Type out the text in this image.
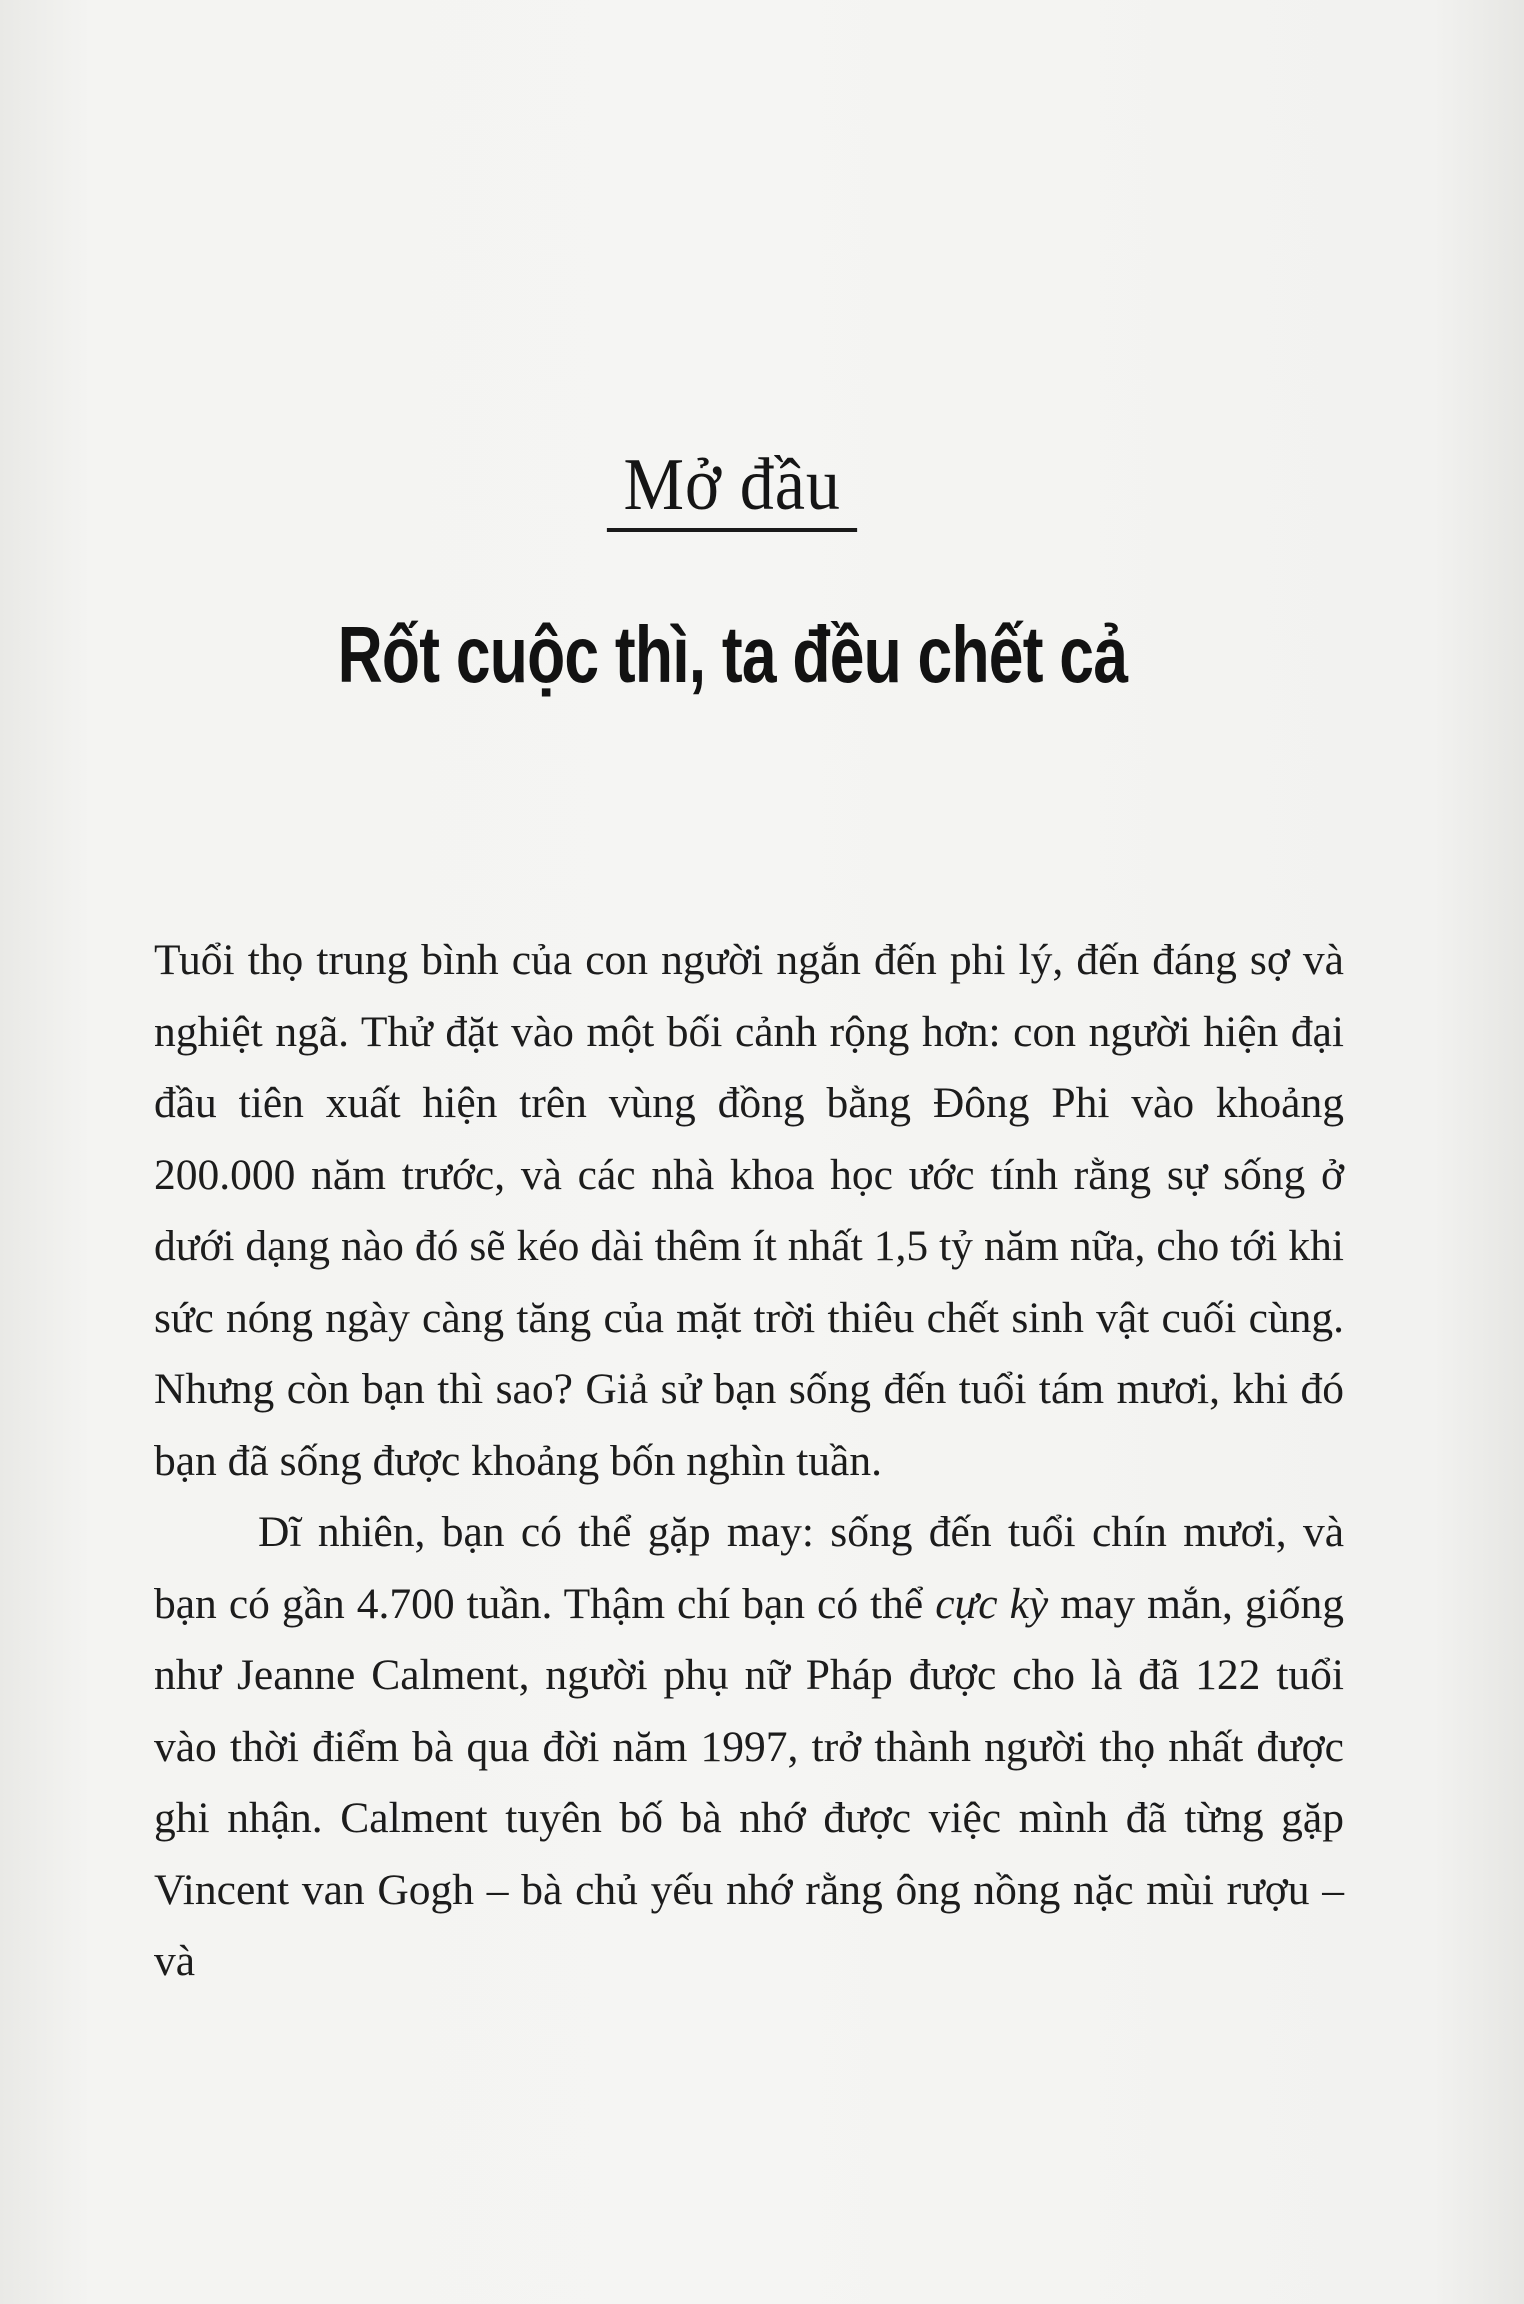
Mở đầu
Rốt cuộc thì, ta đều chết cả

Tuổi thọ trung bình của con người ngắn đến phi lý, đến đáng sợ và nghiệt ngã. Thử đặt vào một bối cảnh rộng hơn: con người hiện đại đầu tiên xuất hiện trên vùng đồng bằng Đông Phi vào khoảng 200.000 năm trước, và các nhà khoa học ước tính rằng sự sống ở dưới dạng nào đó sẽ kéo dài thêm ít nhất 1,5 tỷ năm nữa, cho tới khi sức nóng ngày càng tăng của mặt trời thiêu chết sinh vật cuối cùng. Nhưng còn bạn thì sao? Giả sử bạn sống đến tuổi tám mươi, khi đó bạn đã sống được khoảng bốn nghìn tuần.

Dĩ nhiên, bạn có thể gặp may: sống đến tuổi chín mươi, và bạn có gần 4.700 tuần. Thậm chí bạn có thể cực kỳ may mắn, giống như Jeanne Calment, người phụ nữ Pháp được cho là đã 122 tuổi vào thời điểm bà qua đời năm 1997, trở thành người thọ nhất được ghi nhận. Calment tuyên bố bà nhớ được việc mình đã từng gặp Vincent van Gogh – bà chủ yếu nhớ rằng ông nồng nặc mùi rượu – và
